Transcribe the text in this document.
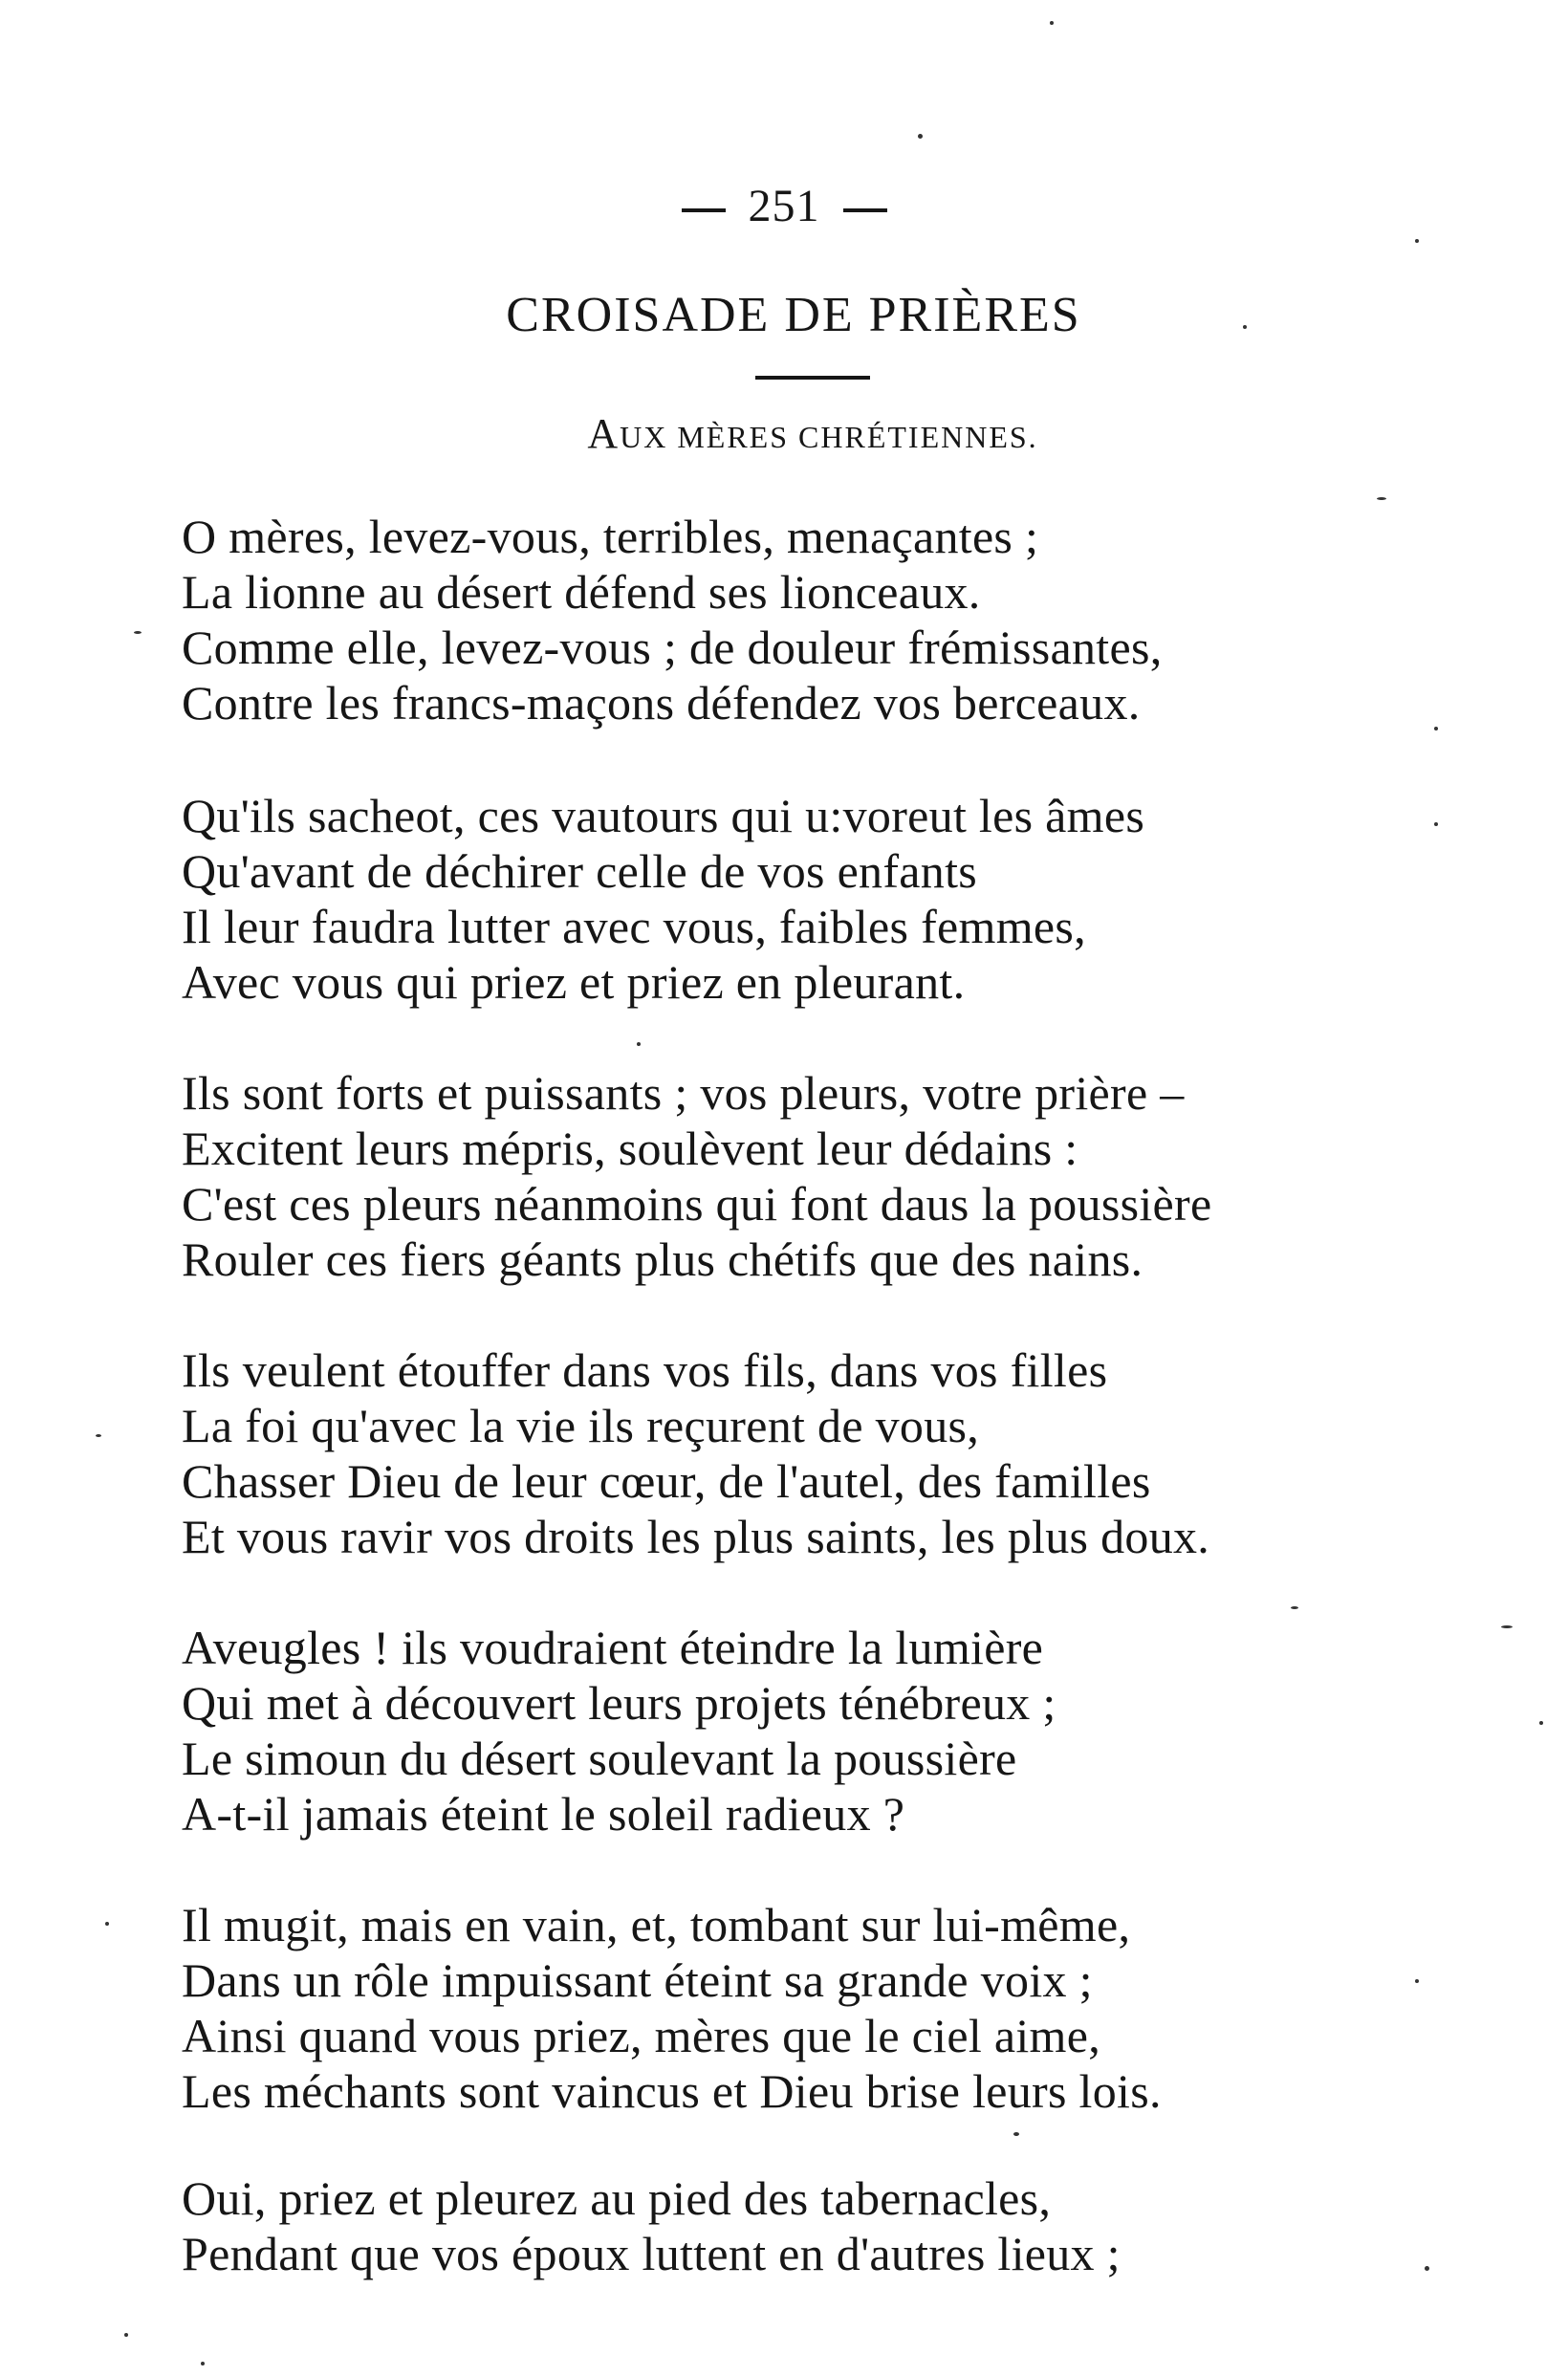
251
CROISADE DE PRIÈRES
AUX MÈRES CHRÉTIENNES.
O mères, levez-vous, terribles, menaçantes ;
La lionne au désert défend ses lionceaux.
Comme elle, levez-vous ; de douleur frémissantes,
Contre les francs-maçons défendez vos berceaux.
Qu'ils sacheot, ces vautours qui u:voreut les âmes
Qu'avant de déchirer celle de vos enfants
Il leur faudra lutter avec vous, faibles femmes,
Avec vous qui priez et priez en pleurant.
Ils sont forts et puissants ; vos pleurs, votre prière –
Excitent leurs mépris, soulèvent leur dédains :
C'est ces pleurs néanmoins qui font daus la poussière
Rouler ces fiers géants plus chétifs que des nains.
Ils veulent étouffer dans vos fils, dans vos filles
La foi qu'avec la vie ils reçurent de vous,
Chasser Dieu de leur cœur, de l'autel, des familles
Et vous ravir vos droits les plus saints, les plus doux.
Aveugles ! ils voudraient éteindre la lumière
Qui met à découvert leurs projets ténébreux ;
Le simoun du désert soulevant la poussière
A-t-il jamais éteint le soleil radieux ?
Il mugit, mais en vain, et, tombant sur lui-même,
Dans un rôle impuissant éteint sa grande voix ;
Ainsi quand vous priez, mères que le ciel aime,
Les méchants sont vaincus et Dieu brise leurs lois.
Oui, priez et pleurez au pied des tabernacles,
Pendant que vos époux luttent en d'autres lieux ;
